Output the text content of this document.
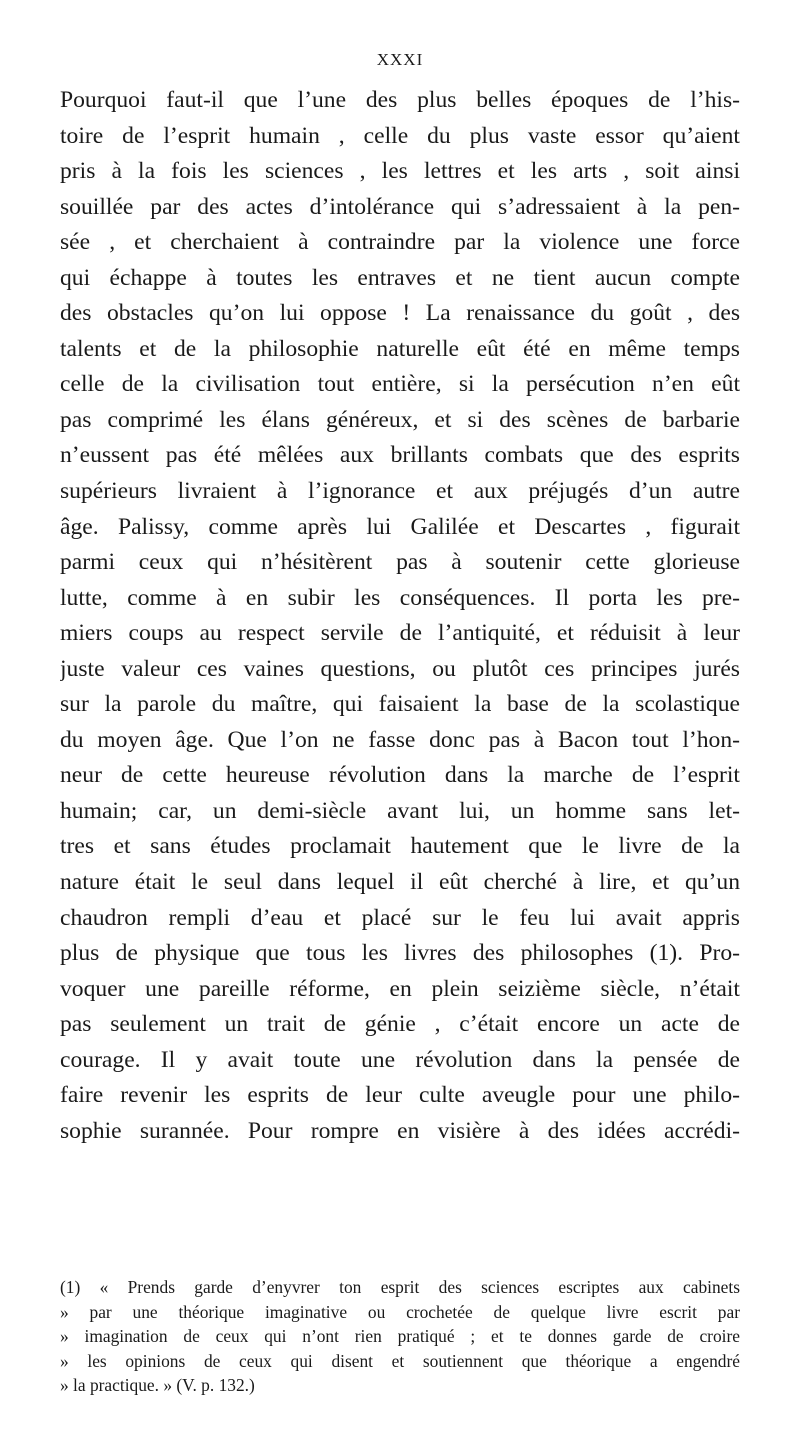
XXXI
Pourquoi faut-il que l’une des plus belles époques de l’his-
toire de l’esprit humain , celle du plus vaste essor qu’aient
pris à la fois les sciences , les lettres et les arts , soit ainsi
souillée par des actes d’intolérance qui s’adressaient à la pen-
sée , et cherchaient à contraindre par la violence une force
qui échappe à toutes les entraves et ne tient aucun compte
des obstacles qu’on lui oppose ! La renaissance du goût , des
talents et de la philosophie naturelle eût été en même temps
celle de la civilisation tout entière, si la persécution n’en eût
pas comprimé les élans généreux, et si des scènes de barbarie
n’eussent pas été mêlées aux brillants combats que des esprits
supérieurs livraient à l’ignorance et aux préjugés d’un autre
âge. Palissy, comme après lui Galilée et Descartes , figurait
parmi ceux qui n’hésitèrent pas à soutenir cette glorieuse
lutte, comme à en subir les conséquences. Il porta les pre-
miers coups au respect servile de l’antiquité, et réduisit à leur
juste valeur ces vaines questions, ou plutôt ces principes jurés
sur la parole du maître, qui faisaient la base de la scolastique
du moyen âge. Que l’on ne fasse donc pas à Bacon tout l’hon-
neur de cette heureuse révolution dans la marche de l’esprit
humain; car, un demi-siècle avant lui, un homme sans let-
tres et sans études proclamait hautement que le livre de la
nature était le seul dans lequel il eût cherché à lire, et qu’un
chaudron rempli d’eau et placé sur le feu lui avait appris
plus de physique que tous les livres des philosophes (1). Pro-
voquer une pareille réforme, en plein seizième siècle, n’était
pas seulement un trait de génie , c’était encore un acte de
courage. Il y avait toute une révolution dans la pensée de
faire revenir les esprits de leur culte aveugle pour une philo-
sophie surannée. Pour rompre en visière à des idées accrédi-
(1) « Prends garde d’enyvrer ton esprit des sciences escriptes aux cabinets
» par une théorique imaginative ou crochetée de quelque livre escrit par
» imagination de ceux qui n’ont rien pratiqué ; et te donnes garde de croire
» les opinions de ceux qui disent et soutiennent que théorique a engendré
» la practique. » (V. p. 132.)
